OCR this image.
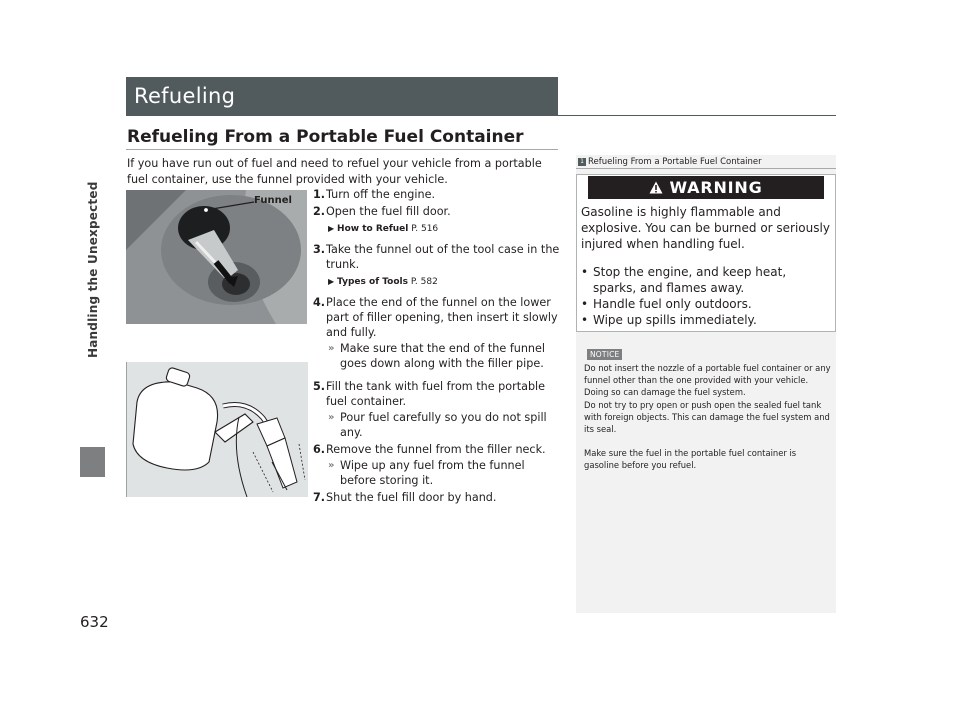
Handling the Unexpected
Refueling
Refueling From a Portable Fuel Container
If you have run out of fuel and need to refuel your vehicle from a portable fuel container, use the funnel provided with your vehicle.
Funnel 1. Turn off the engine.
2. Open the fuel fill door.
▶ How to Refuel P. 516
3. Take the funnel out of the tool case in the trunk.
▶ Types of Tools P. 582
4. Place the end of the funnel on the lower part of filler opening, then insert it slowly and fully.
» Make sure that the end of the funnel goes down along with the filler pipe.
5. Fill the tank with fuel from the portable fuel container.
» Pour fuel carefully so you do not spill any.
6. Remove the funnel from the filler neck.
» Wipe up any fuel from the funnel before storing it.
7. Shut the fuel fill door by hand.
1 Refueling From a Portable Fuel Container
WARNING
Gasoline is highly flammable and explosive. You can be burned or seriously injured when handling fuel.
• Stop the engine, and keep heat, sparks, and flames away.
• Handle fuel only outdoors.
• Wipe up spills immediately.
NOTICE
Do not insert the nozzle of a portable fuel container or any funnel other than the one provided with your vehicle. Doing so can damage the fuel system.
Do not try to pry open or push open the sealed fuel tank with foreign objects. This can damage the fuel system and its seal.
Make sure the fuel in the portable fuel container is gasoline before you refuel.
632
